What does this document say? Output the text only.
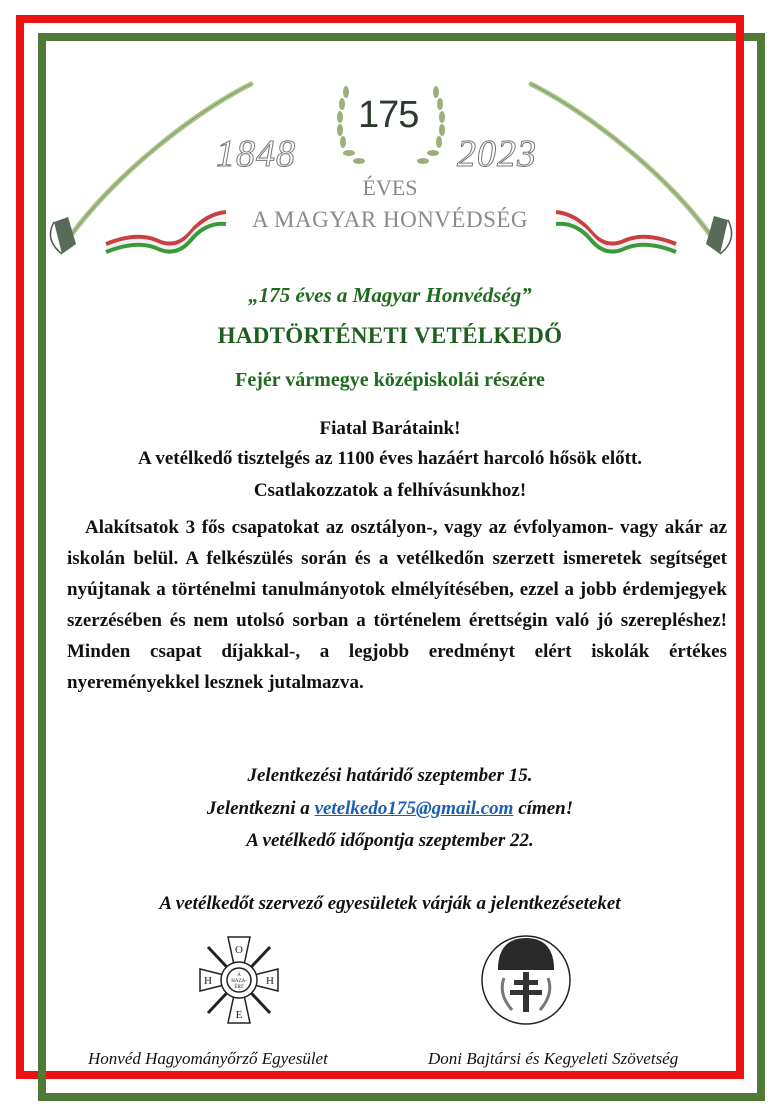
175
1848	2023
ÉVES
A MAGYAR HONVÉDSÉG
„175 éves a Magyar Honvédség”
HADTÖRTÉNETI VETÉLKEDŐ
Fejér vármegye középiskolái részére
Fiatal Barátaink!
A vetélkedő tisztelgés az 1100 éves hazáért harcoló hősök előtt.
Csatlakozzatok a felhívásunkhoz!
Alakítsatok 3 fős csapatokat az osztályon-, vagy az évfolyamon- vagy akár az iskolán belül. A felkészülés során és a vetélkedőn szerzett ismeretek segítséget nyújtanak a történelmi tanulmányotok elmélyítésében, ezzel a jobb érdemjegyek szerzésében és nem utolsó sorban a történelem érettségin való jó szerepléshez! Minden csapat díjakkal-, a legjobb eredményt elért iskolák értékes nyereményekkel lesznek jutalmazva.
Jelentkezési határidő szeptember 15.
Jelentkezni a vetelkedo175@gmail.com címen!
A vetélkedő időpontja szeptember 22.
A vetélkedőt szervező egyesületek várják a jelentkezéseteket
O
E
H	H
A
HAZA-
ÉRT
Honvéd Hagyományőrző Egyesület	Doni Bajtársi és Kegyeleti Szövetség
